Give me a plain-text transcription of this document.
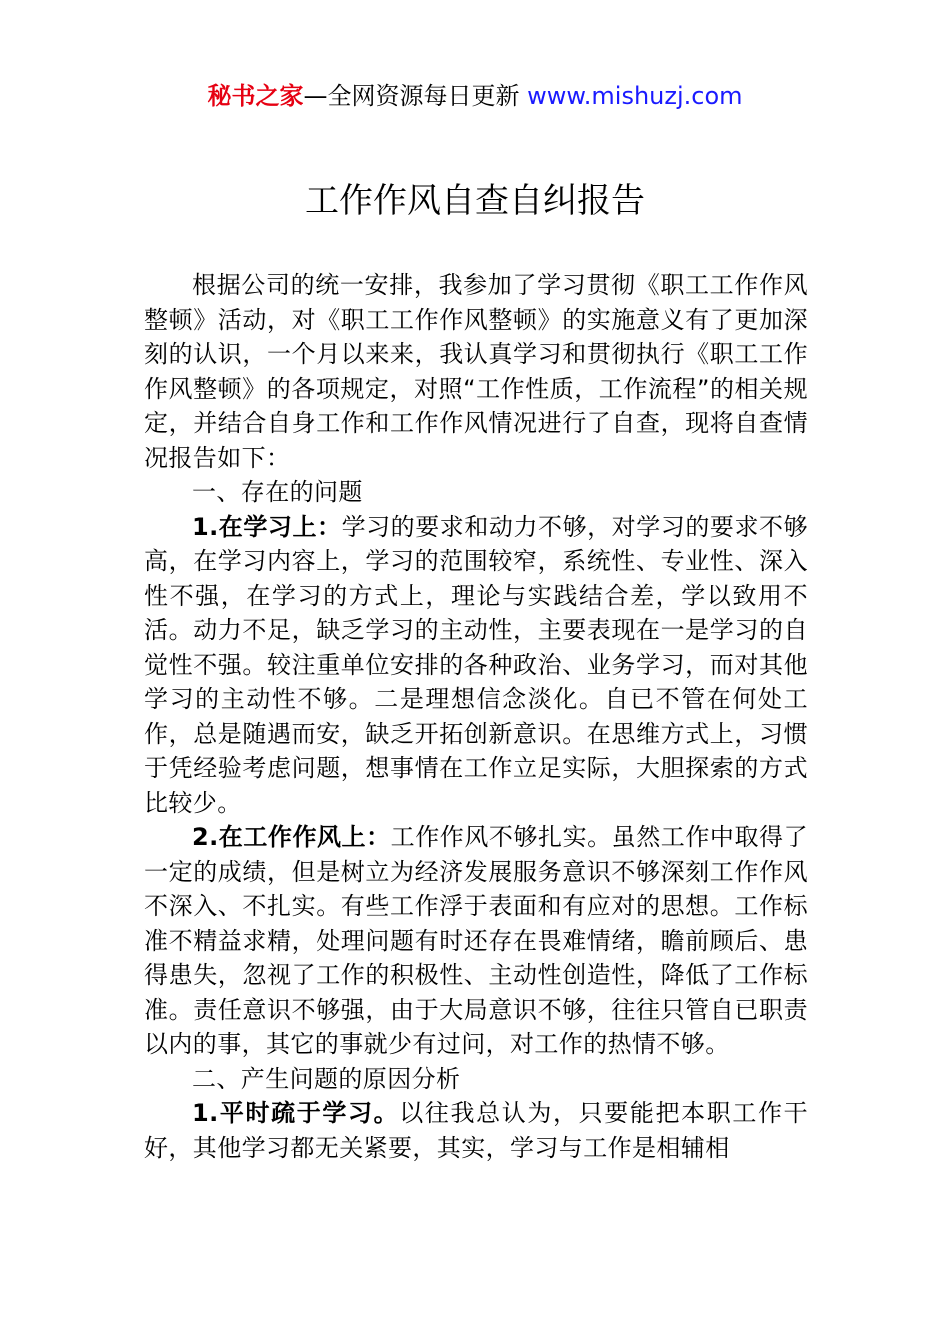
秘书之家—全网资源每日更新 www.mishuzj.com
工作作风自查自纠报告

根据公司的统一安排，我参加了学习贯彻《职工工作作风整顿》活动，对《职工工作作风整顿》的实施意义有了更加深刻的认识，一个月以来来，我认真学习和贯彻执行《职工工作作风整顿》的各项规定，对照“工作性质，工作流程”的相关规定，并结合自身工作和工作作风情况进行了自查，现将自查情况报告如下：

一、存在的问题

1.在学习上：学习的要求和动力不够，对学习的要求不够高，在学习内容上，学习的范围较窄，系统性、专业性、深入性不强，在学习的方式上，理论与实践结合差，学以致用不活。动力不足，缺乏学习的主动性，主要表现在一是学习的自觉性不强。较注重单位安排的各种政治、业务学习，而对其他学习的主动性不够。二是理想信念淡化。自已不管在何处工作，总是随遇而安，缺乏开拓创新意识。在思维方式上，习惯于凭经验考虑问题，想事情在工作立足实际，大胆探索的方式比较少。

2.在工作作风上：工作作风不够扎实。虽然工作中取得了一定的成绩，但是树立为经济发展服务意识不够深刻工作作风不深入、不扎实。有些工作浮于表面和有应对的思想。工作标准不精益求精，处理问题有时还存在畏难情绪，瞻前顾后、患得患失，忽视了工作的积极性、主动性创造性，降低了工作标准。责任意识不够强，由于大局意识不够，往往只管自已职责以内的事，其它的事就少有过问，对工作的热情不够。

二、产生问题的原因分析

1.平时疏于学习。以往我总认为，只要能把本职工作干好，其他学习都无关紧要，其实，学习与工作是相辅相
